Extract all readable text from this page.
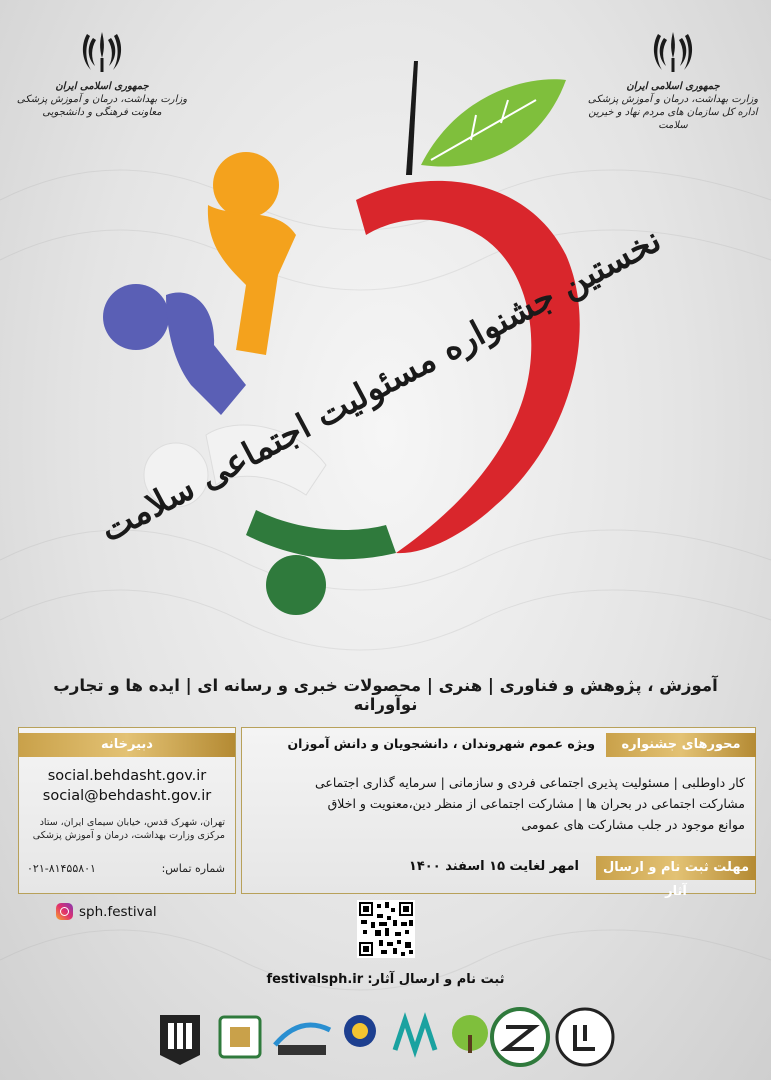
جمهوری اسلامی ایران
وزارت بهداشت، درمان و آموزش پزشکی
معاونت فرهنگی و دانشجویی
جمهوری اسلامی ایران
وزارت بهداشت، درمان و آموزش پزشکی
اداره کل سازمان های مردم نهاد و خیرین سلامت
نخستین جشنواره مسئولیت اجتماعی سلامت
آموزش ، پژوهش و فناوری | هنری | محصولات خبری و رسانه ای | ایده ها و تجارب نوآورانه
محورهای جشنواره
ویژه عموم شهروندان ، دانشجویان و دانش آموزان
کار داوطلبی | مسئولیت پذیری اجتماعی فردی و سازمانی | سرمایه گذاری اجتماعی
مشارکت اجتماعی در بحران ها | مشارکت اجتماعی از منظر دین،معنویت و اخلاق
موانع موجود در جلب مشارکت های عمومی
مهلت ثبت نام و ارسال آثار
امهر لغایت ۱۵ اسفند ۱۴۰۰
دبیرخانه
social.behdasht.gov.ir
social@behdasht.gov.ir
تهران، شهرک قدس، خیابان سیمای ایران، ستاد
مرکزی وزارت بهداشت، درمان و آموزش پزشکی
شماره تماس:
۰۲۱-۸۱۴۵۵۸۰۱
sph.festival
ثبت نام و ارسال آثار: festivalsph.ir
